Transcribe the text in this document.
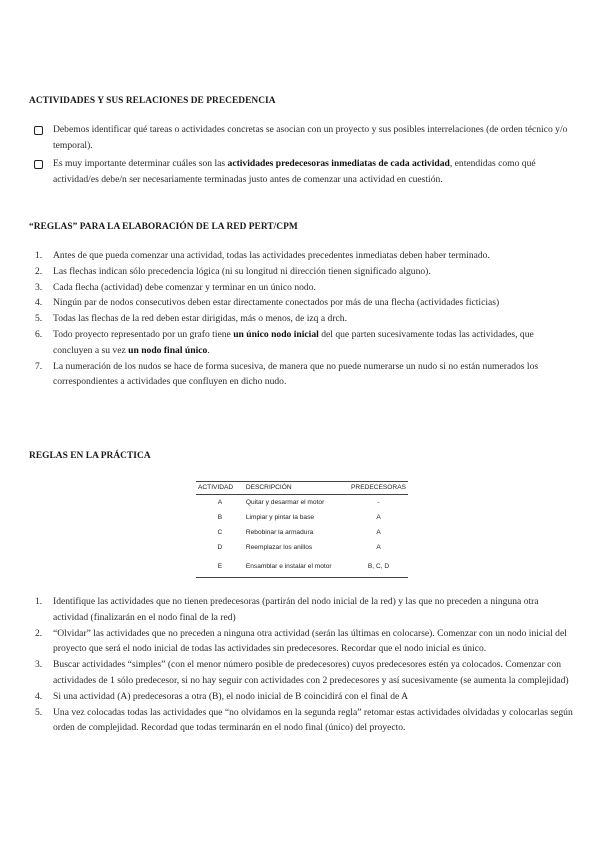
ACTIVIDADES Y SUS RELACIONES DE PRECEDENCIA
Debemos identificar qué tareas o actividades concretas se asocian con un proyecto y sus posibles interrelaciones (de orden técnico y/o temporal).
Es muy importante determinar cuáles son las actividades predecesoras inmediatas de cada actividad, entendidas como qué actividad/es debe/n ser necesariamente terminadas justo antes de comenzar una actividad en cuestión.
“REGLAS” PARA LA ELABORACIÓN DE LA RED PERT/CPM
1. Antes de que pueda comenzar una actividad, todas las actividades precedentes inmediatas deben haber terminado.
2. Las flechas indican sólo precedencia lógica (ni su longitud ni dirección tienen significado alguno).
3. Cada flecha (actividad) debe comenzar y terminar en un único nodo.
4. Ningún par de nodos consecutivos deben estar directamente conectados por más de una flecha (actividades ficticias)
5. Todas las flechas de la red deben estar dirigidas, más o menos, de izq a drch.
6. Todo proyecto representado por un grafo tiene un único nodo inicial del que parten sucesivamente todas las actividades, que concluyen a su vez un nodo final único.
7. La numeración de los nudos se hace de forma sucesiva, de manera que no puede numerarse un nudo si no están numerados los correspondientes a actividades que confluyen en dicho nudo.
REGLAS EN LA PRÁCTICA
ACTIVIDAD	DESCRIPCIÓN	PREDECESORAS
A	Quitar y desarmar el motor	-
B	Limpiar y pintar la base	A
C	Rebobinar la armadura	A
D	Reemplazar los anillos	A
E	Ensamblar e instalar el motor	B, C, D
1. Identifique las actividades que no tienen predecesoras (partirán del nodo inicial de la red) y las que no preceden a ninguna otra actividad (finalizarán en el nodo final de la red)
2. “Olvidar” las actividades que no preceden a ninguna otra actividad (serán las últimas en colocarse). Comenzar con un nodo inicial del proyecto que será el nodo inicial de todas las actividades sin predecesores. Recordar que el nodo inicial es único.
3. Buscar actividades “simples” (con el menor número posible de predecesores) cuyos predecesores estén ya colocados. Comenzar con actividades de 1 sólo predecesor, si no hay seguir con actividades con 2 predecesores y así sucesivamente (se aumenta la complejidad)
4. Si una actividad (A) predecesoras a otra (B), el nodo inicial de B coincidirá con el final de A
5. Una vez colocadas todas las actividades que “no olvidamos en la segunda regla” retomar estas actividades olvidadas y colocarlas según orden de complejidad. Recordad que todas terminarán en el nodo final (único) del proyecto.
